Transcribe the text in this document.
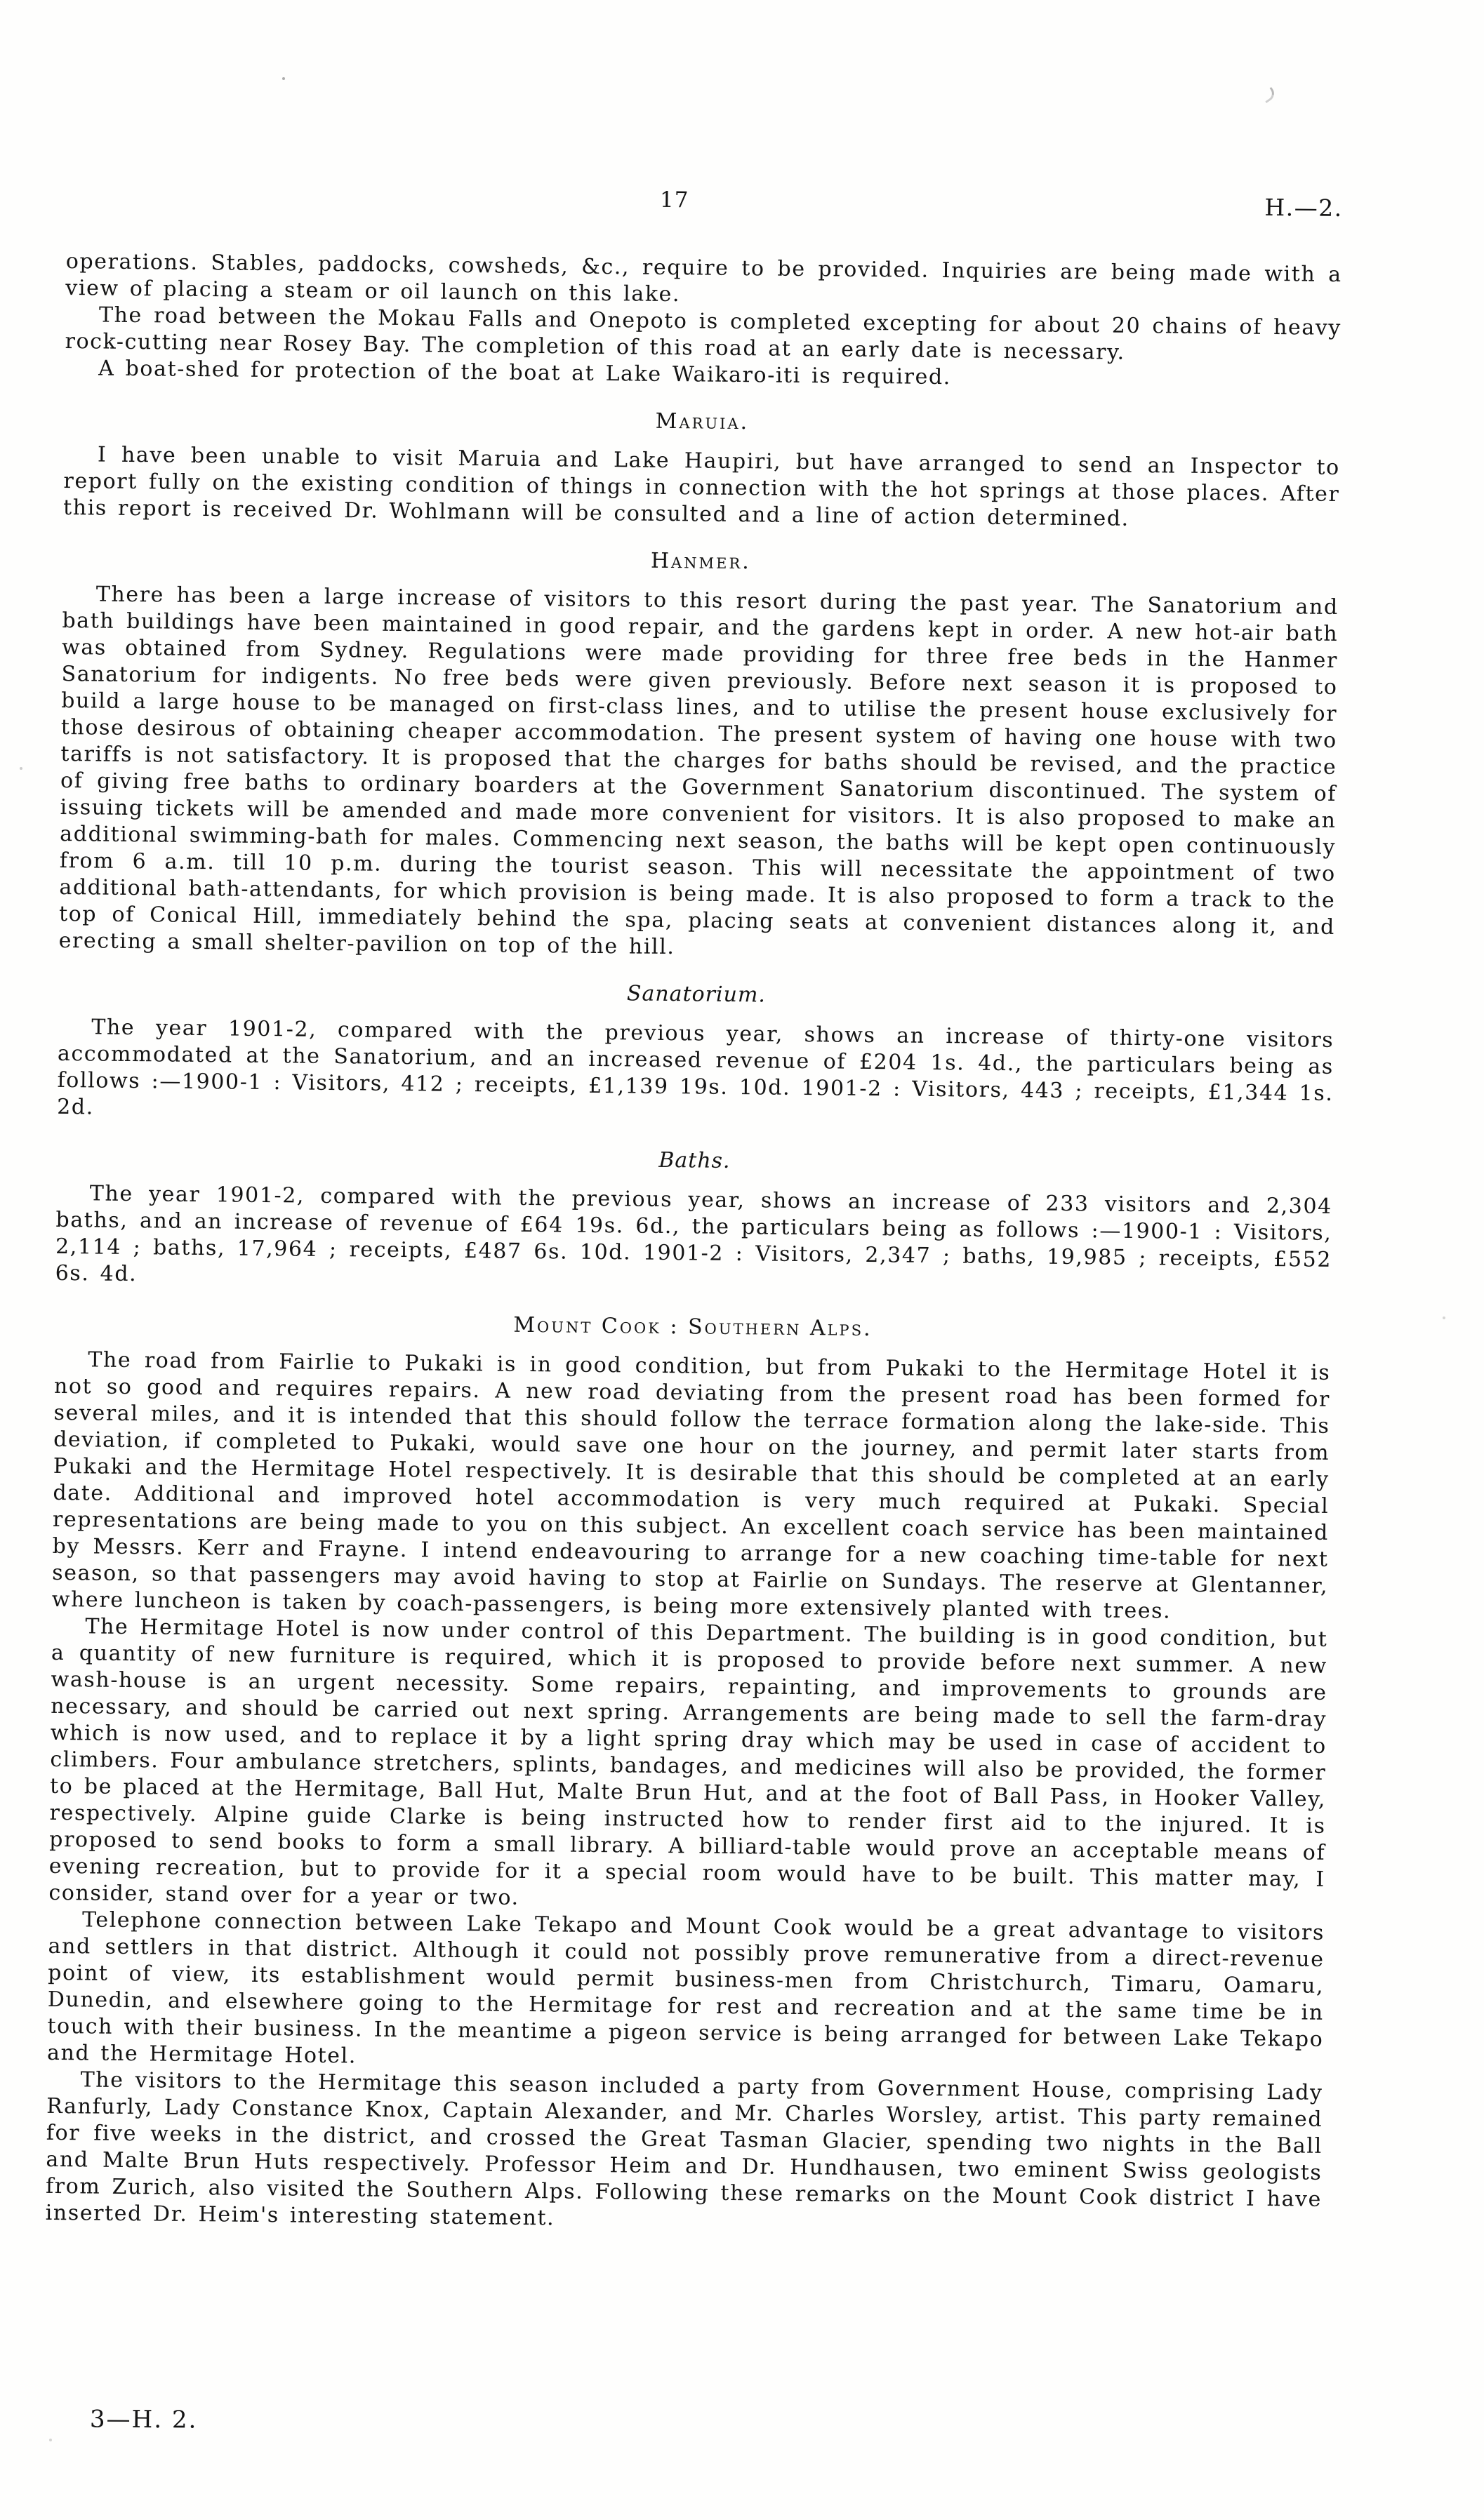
17	H.—2.

operations. Stables, paddocks, cowsheds, &c., require to be provided. Inquiries are being made with a view of placing a steam or oil launch on this lake.

The road between the Mokau Falls and Onepoto is completed excepting for about 20 chains of heavy rock-cutting near Rosey Bay. The completion of this road at an early date is necessary.

A boat-shed for protection of the boat at Lake Waikaro-iti is required.

Maruia.

I have been unable to visit Maruia and Lake Haupiri, but have arranged to send an Inspector to report fully on the existing condition of things in connection with the hot springs at those places. After this report is received Dr. Wohlmann will be consulted and a line of action determined.

Hanmer.

There has been a large increase of visitors to this resort during the past year. The Sanatorium and bath buildings have been maintained in good repair, and the gardens kept in order. A new hot-air bath was obtained from Sydney. Regulations were made providing for three free beds in the Hanmer Sanatorium for indigents. No free beds were given previously. Before next season it is proposed to build a large house to be managed on first-class lines, and to utilise the present house exclusively for those desirous of obtaining cheaper accommodation. The present system of having one house with two tariffs is not satisfactory. It is proposed that the charges for baths should be revised, and the practice of giving free baths to ordinary boarders at the Government Sanatorium discontinued. The system of issuing tickets will be amended and made more convenient for visitors. It is also proposed to make an additional swimming-bath for males. Commencing next season, the baths will be kept open continuously from 6 a.m. till 10 p.m. during the tourist season. This will necessitate the appointment of two additional bath-attendants, for which provision is being made. It is also proposed to form a track to the top of Conical Hill, immediately behind the spa, placing seats at convenient distances along it, and erecting a small shelter-pavilion on top of the hill.

Sanatorium.

The year 1901-2, compared with the previous year, shows an increase of thirty-one visitors accommodated at the Sanatorium, and an increased revenue of £204 1s. 4d., the particulars being as follows :—1900-1 : Visitors, 412 ; receipts, £1,139 19s. 10d. 1901-2 : Visitors, 443 ; receipts, £1,344 1s. 2d.

Baths.

The year 1901-2, compared with the previous year, shows an increase of 233 visitors and 2,304 baths, and an increase of revenue of £64 19s. 6d., the particulars being as follows :—1900-1 : Visitors, 2,114 ; baths, 17,964 ; receipts, £487 6s. 10d. 1901-2 : Visitors, 2,347 ; baths, 19,985 ; receipts, £552 6s. 4d.

Mount Cook : Southern Alps.

The road from Fairlie to Pukaki is in good condition, but from Pukaki to the Hermitage Hotel it is not so good and requires repairs. A new road deviating from the present road has been formed for several miles, and it is intended that this should follow the terrace formation along the lake-side. This deviation, if completed to Pukaki, would save one hour on the journey, and permit later starts from Pukaki and the Hermitage Hotel respectively. It is desirable that this should be completed at an early date. Additional and improved hotel accommodation is very much required at Pukaki. Special representations are being made to you on this subject. An excellent coach service has been maintained by Messrs. Kerr and Frayne. I intend endeavouring to arrange for a new coaching time-table for next season, so that passengers may avoid having to stop at Fairlie on Sundays. The reserve at Glentanner, where luncheon is taken by coach-passengers, is being more extensively planted with trees.

The Hermitage Hotel is now under control of this Department. The building is in good condition, but a quantity of new furniture is required, which it is proposed to provide before next summer. A new wash-house is an urgent necessity. Some repairs, repainting, and improvements to grounds are necessary, and should be carried out next spring. Arrangements are being made to sell the farm-dray which is now used, and to replace it by a light spring dray which may be used in case of accident to climbers. Four ambulance stretchers, splints, bandages, and medicines will also be provided, the former to be placed at the Hermitage, Ball Hut, Malte Brun Hut, and at the foot of Ball Pass, in Hooker Valley, respectively. Alpine guide Clarke is being instructed how to render first aid to the injured. It is proposed to send books to form a small library. A billiard-table would prove an acceptable means of evening recreation, but to provide for it a special room would have to be built. This matter may, I consider, stand over for a year or two.

Telephone connection between Lake Tekapo and Mount Cook would be a great advantage to visitors and settlers in that district. Although it could not possibly prove remunerative from a direct-revenue point of view, its establishment would permit business-men from Christchurch, Timaru, Oamaru, Dunedin, and elsewhere going to the Hermitage for rest and recreation and at the same time be in touch with their business. In the meantime a pigeon service is being arranged for between Lake Tekapo and the Hermitage Hotel.

The visitors to the Hermitage this season included a party from Government House, comprising Lady Ranfurly, Lady Constance Knox, Captain Alexander, and Mr. Charles Worsley, artist. This party remained for five weeks in the district, and crossed the Great Tasman Glacier, spending two nights in the Ball and Malte Brun Huts respectively. Professor Heim and Dr. Hundhausen, two eminent Swiss geologists from Zurich, also visited the Southern Alps. Following these remarks on the Mount Cook district I have inserted Dr. Heim's interesting statement.

3—H. 2.
